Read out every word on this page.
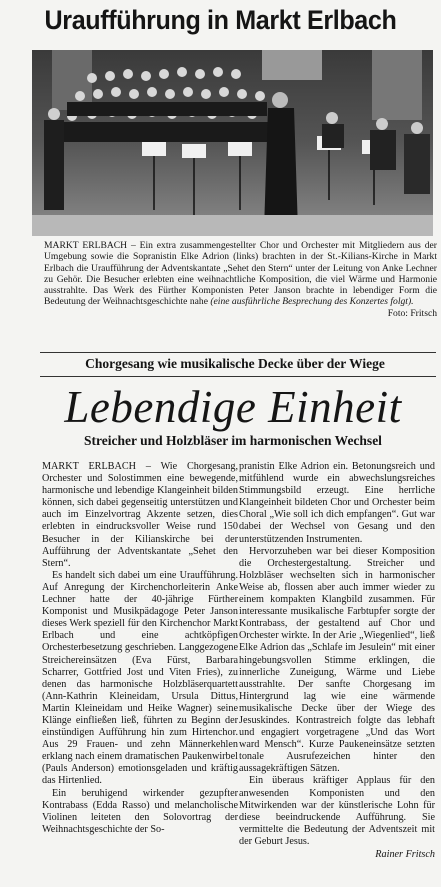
Uraufführung in Markt Erlbach
MARKT ERLBACH – Ein extra zusammengestellter Chor und Orchester mit Mitgliedern aus der Umgebung sowie die Sopranistin Elke Adrion (links) brachten in der St.-Kilians-Kirche in Markt Erlbach die Uraufführung der Adventskantate „Sehet den Stern“ unter der Leitung von Anke Lechner zu Gehör. Die Besucher erlebten eine weihnachtliche Komposition, die viel Wärme und Harmonie ausstrahlte. Das Werk des Fürther Komponisten Peter Janson brachte in lebendiger Form die Bedeutung der Weihnachtsgeschichte nahe (eine ausführliche Besprechung des Konzertes folgt).
Foto: Fritsch
Chorgesang wie musikalische Decke über der Wiege
Lebendige Einheit
Streicher und Holzbläser im harmonischen Wechsel

MARKT ERLBACH – Wie Chorgesang, Orchester und Solostimmen eine bewegende, harmonische und lebendige Klangeinheit bilden können, sich dabei gegenseitig unterstützen und auch im Einzelvortrag Akzente setzen, dies erlebten in eindrucksvoller Weise rund 150 Besucher in der Kilianskirche bei der Aufführung der Adventskantate „Sehet den Stern“.

Es handelt sich dabei um eine Uraufführung. Auf Anregung der Kirchenchorleiterin Anke Lechner hatte der 40-jährige Fürther Komponist und Musikpädagoge Peter Janson dieses Werk speziell für den Kirchenchor Markt Erlbach und eine achtköpfigen Orchesterbesetzung geschrieben. Langgezogene Streichereinsätzen (Eva Fürst, Barbara Scharrer, Gottfried Jost und Viten Fries), zu denen das harmonische Holzbläserquartett (Ann-Kathrin Kleineidam, Ursula Dittus, Martin Kleineidam und Heike Wagner) seine Klänge einfließen ließ, führten zu Beginn der einstündigen Aufführung hin zum Hirtenchor. Aus 29 Frauen- und zehn Männerkehlen erklang nach einem dramatischen Paukenwirbel (Pauls Anderson) emotionsgeladen und kräftig das Hirtenlied.

Ein beruhigend wirkender gezupfter Kontrabass (Edda Rasso) und melancholische Violinen leiteten den Solovortrag der Weihnachtsgeschichte der So-

pranistin Elke Adrion ein. Betonungsreich und mitfühlend wurde ein abwechslungsreiches Stimmungsbild erzeugt. Eine herrliche Klangeinheit bildeten Chor und Orchester beim Choral „Wie soll ich dich empfangen“. Gut war dabei der Wechsel von Gesang und den unterstützenden Instrumenten.

Hervorzuheben war bei dieser Komposition die Orchestergestaltung. Streicher und Holzbläser wechselten sich in harmonischer Weise ab, flossen aber auch immer wieder zu einem kompakten Klangbild zusammen. Für interessante musikalische Farbtupfer sorgte der Kontrabass, der gestaltend auf Chor und Orchester wirkte. In der Arie „Wiegenlied“, ließ Elke Adrion das „Schlafe im Jesulein“ mit einer hingebungsvollen Stimme erklingen, die innerliche Zuneigung, Wärme und Liebe ausstrahlte. Der sanfte Chorgesang im Hintergrund lag wie eine wärmende musikalische Decke über der Wiege des Jesuskindes. Kontrastreich folgte das lebhaft und engagiert vorgetragene „Und das Wort ward Mensch“. Kurze Paukeneinsätze setzten tonale Ausrufezeichen hinter den aussagekräftigen Sätzen.

Ein überaus kräftiger Applaus für den anwesenden Komponisten und den Mitwirkenden war der künstlerische Lohn für diese beeindruckende Aufführung. Sie vermittelte die Bedeutung der Adventszeit mit der Geburt Jesus.

Rainer Fritsch
